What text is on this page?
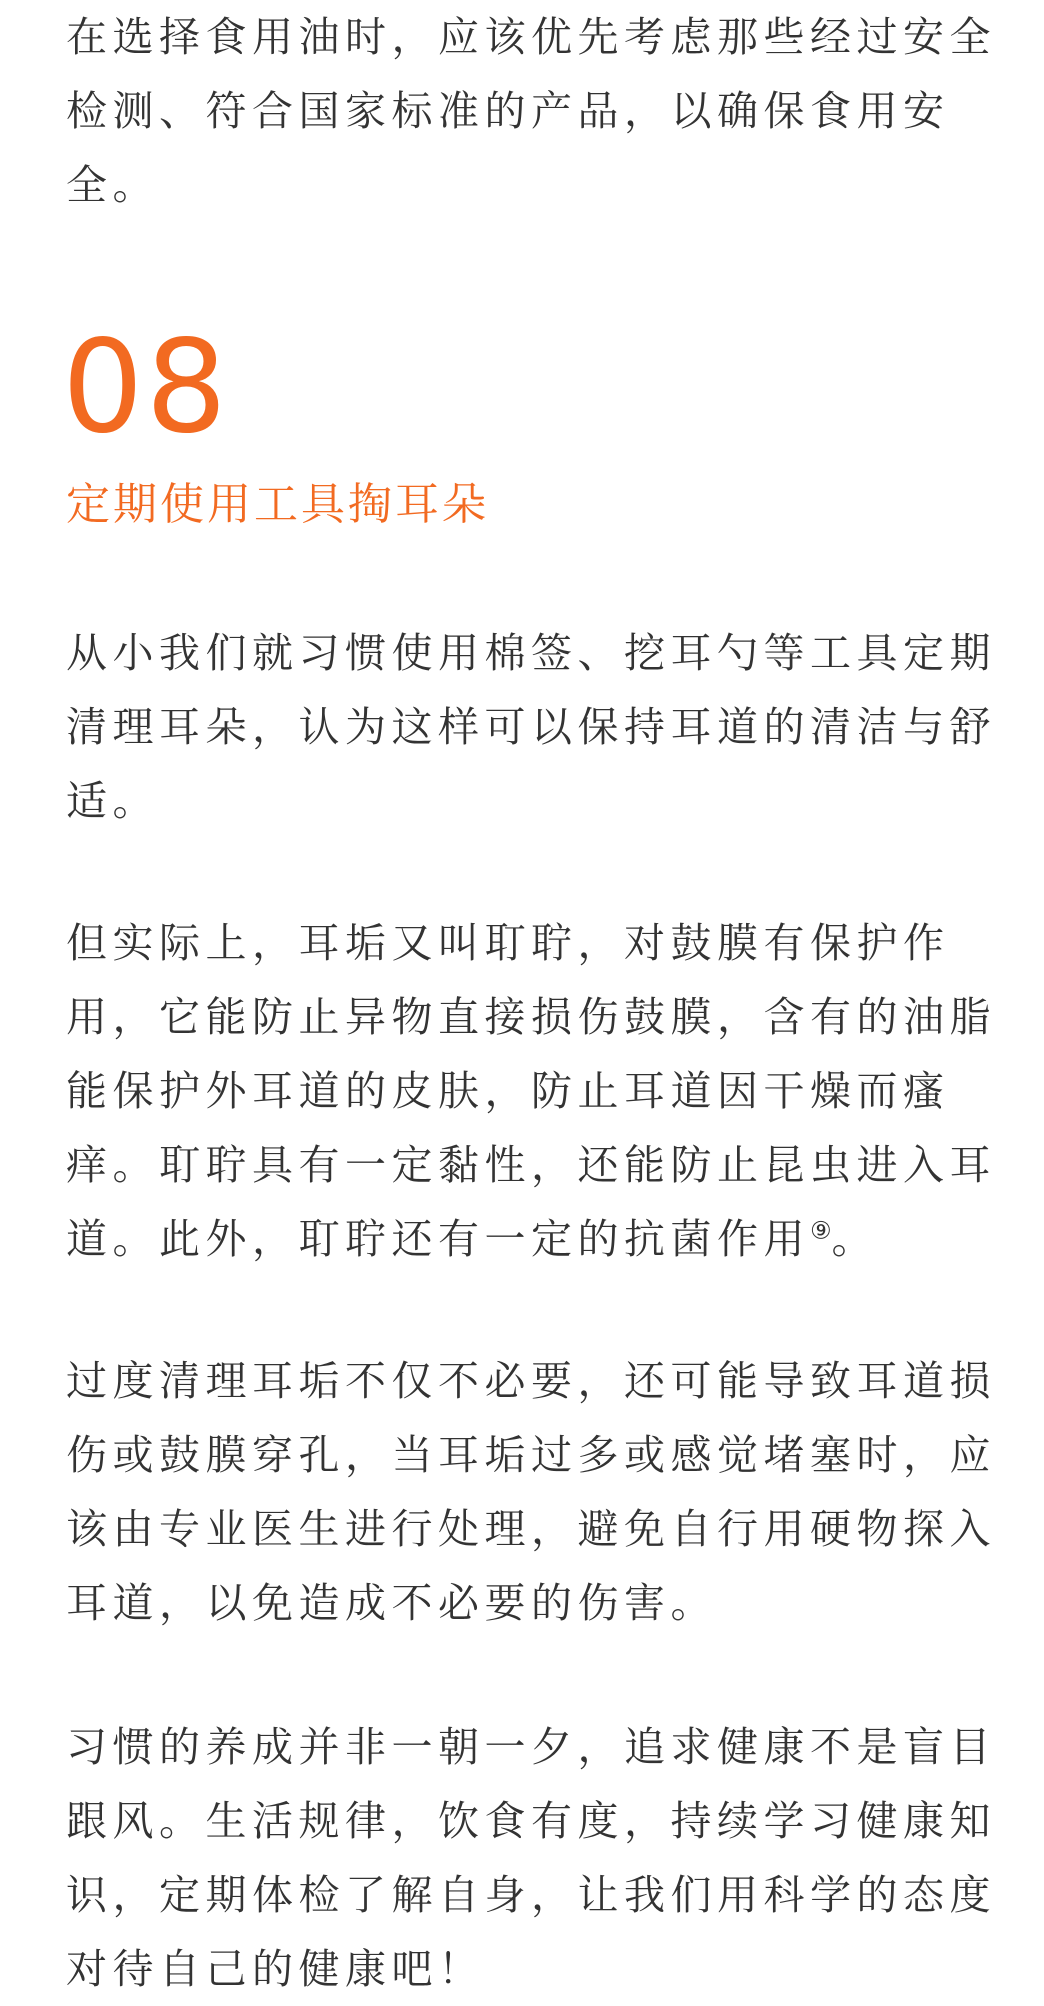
在选择食用油时，应该优先考虑那些经过安全检测、符合国家标准的产品，以确保食用安全。

08
定期使用工具掏耳朵

从小我们就习惯使用棉签、挖耳勺等工具定期清理耳朵，认为这样可以保持耳道的清洁与舒适。

但实际上，耳垢又叫耵聍，对鼓膜有保护作用，它能防止异物直接损伤鼓膜，含有的油脂能保护外耳道的皮肤，防止耳道因干燥而瘙痒。耵聍具有一定黏性，还能防止昆虫进入耳道。此外，耵聍还有一定的抗菌作用⑨。

过度清理耳垢不仅不必要，还可能导致耳道损伤或鼓膜穿孔，当耳垢过多或感觉堵塞时，应该由专业医生进行处理，避免自行用硬物探入耳道，以免造成不必要的伤害。

习惯的养成并非一朝一夕，追求健康不是盲目跟风。生活规律，饮食有度，持续学习健康知识，定期体检了解自身，让我们用科学的态度对待自己的健康吧！
